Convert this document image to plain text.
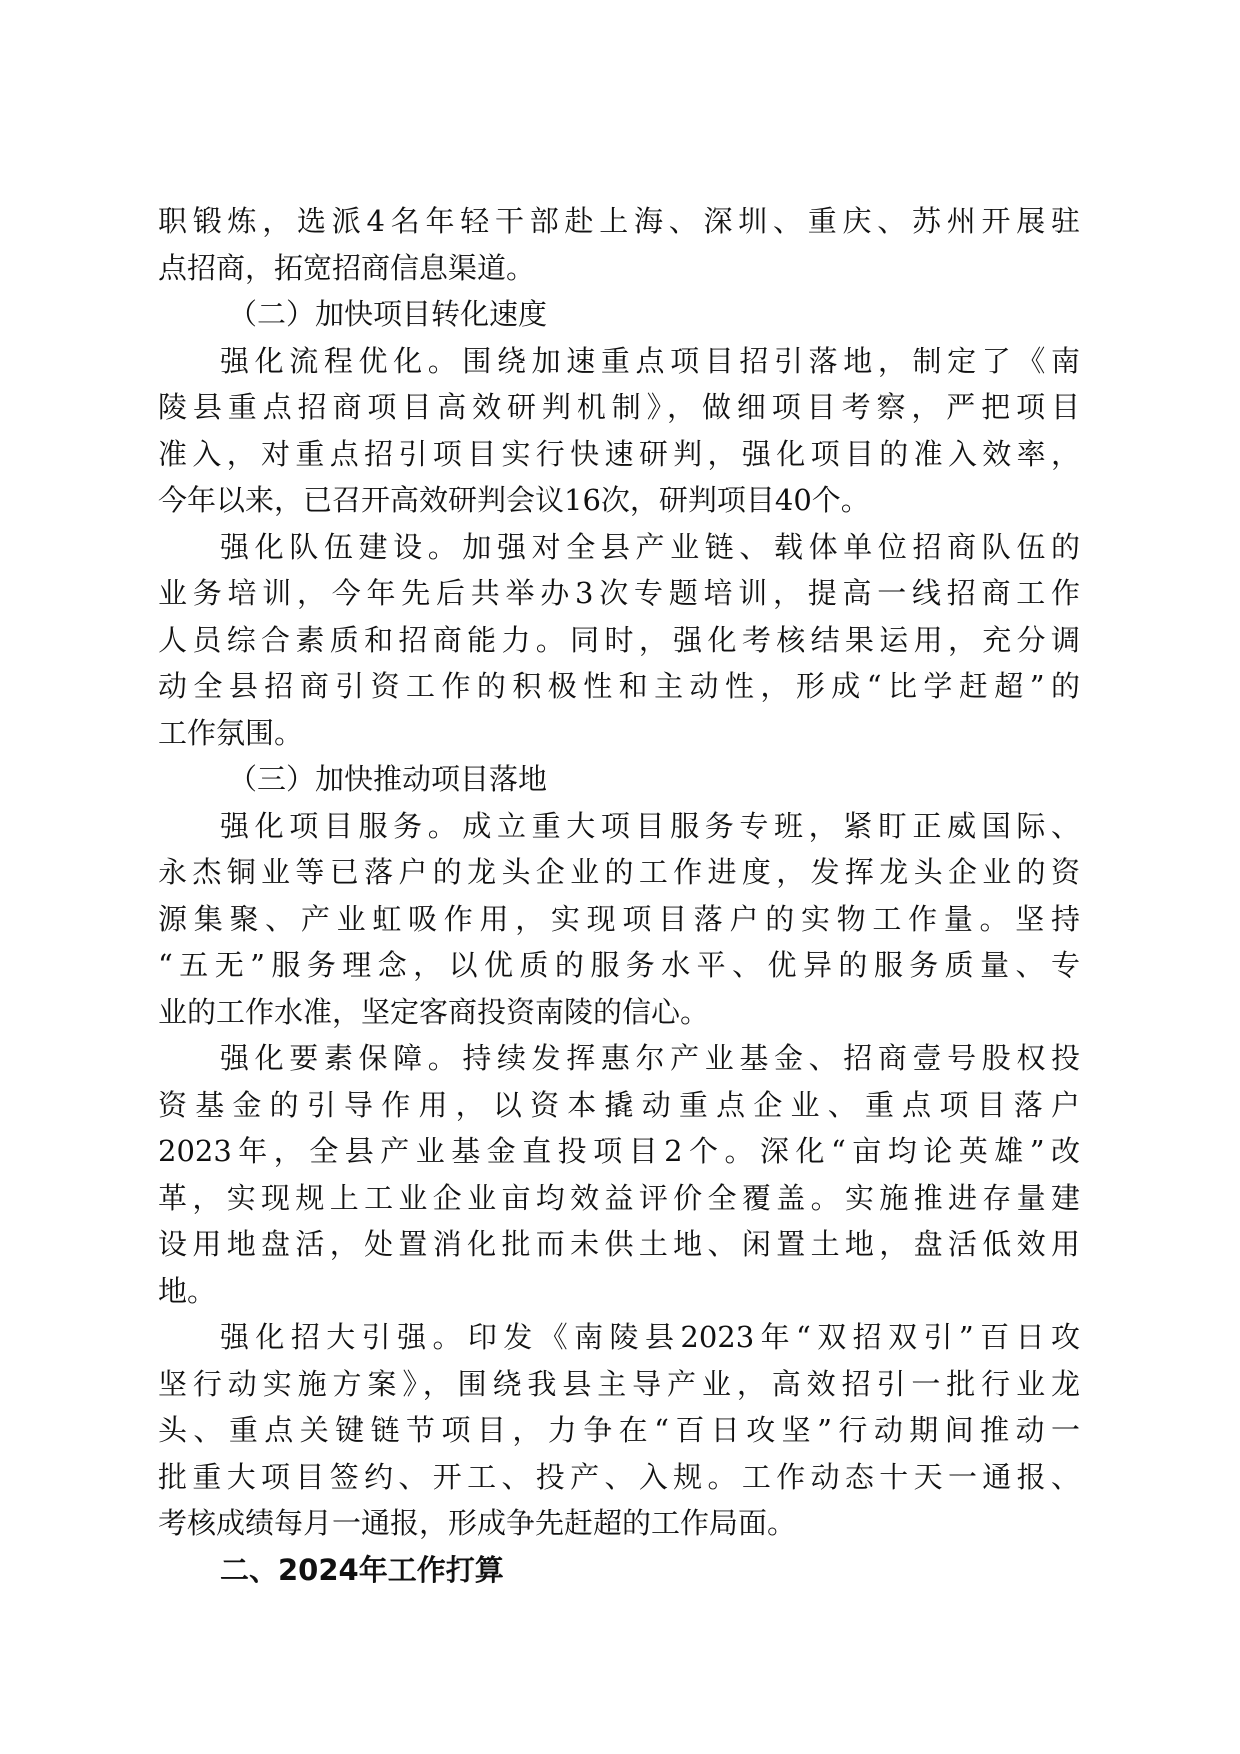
职锻炼，选派4名年轻干部赴上海、深圳、重庆、苏州开展驻
点招商，拓宽招商信息渠道。
（二）加快项目转化速度
强化流程优化。围绕加速重点项目招引落地，制定了《南
陵县重点招商项目高效研判机制》，做细项目考察，严把项目
准入，对重点招引项目实行快速研判，强化项目的准入效率，
今年以来，已召开高效研判会议16次，研判项目40个。
强化队伍建设。加强对全县产业链、载体单位招商队伍的
业务培训，今年先后共举办3次专题培训，提高一线招商工作
人员综合素质和招商能力。同时，强化考核结果运用，充分调
动全县招商引资工作的积极性和主动性，形成“比学赶超”的
工作氛围。
（三）加快推动项目落地
强化项目服务。成立重大项目服务专班，紧盯正威国际、
永杰铜业等已落户的龙头企业的工作进度，发挥龙头企业的资
源集聚、产业虹吸作用，实现项目落户的实物工作量。坚持
“五无”服务理念，以优质的服务水平、优异的服务质量、专
业的工作水准，坚定客商投资南陵的信心。
强化要素保障。持续发挥惠尔产业基金、招商壹号股权投
资基金的引导作用，以资本撬动重点企业、重点项目落户
2023年，全县产业基金直投项目2个。深化“亩均论英雄”改
革，实现规上工业企业亩均效益评价全覆盖。实施推进存量建
设用地盘活，处置消化批而未供土地、闲置土地，盘活低效用
地。
强化招大引强。印发《南陵县2023年“双招双引”百日攻
坚行动实施方案》，围绕我县主导产业，高效招引一批行业龙
头、重点关键链节项目，力争在“百日攻坚”行动期间推动一
批重大项目签约、开工、投产、入规。工作动态十天一通报、
考核成绩每月一通报，形成争先赶超的工作局面。
二、2024年工作打算
